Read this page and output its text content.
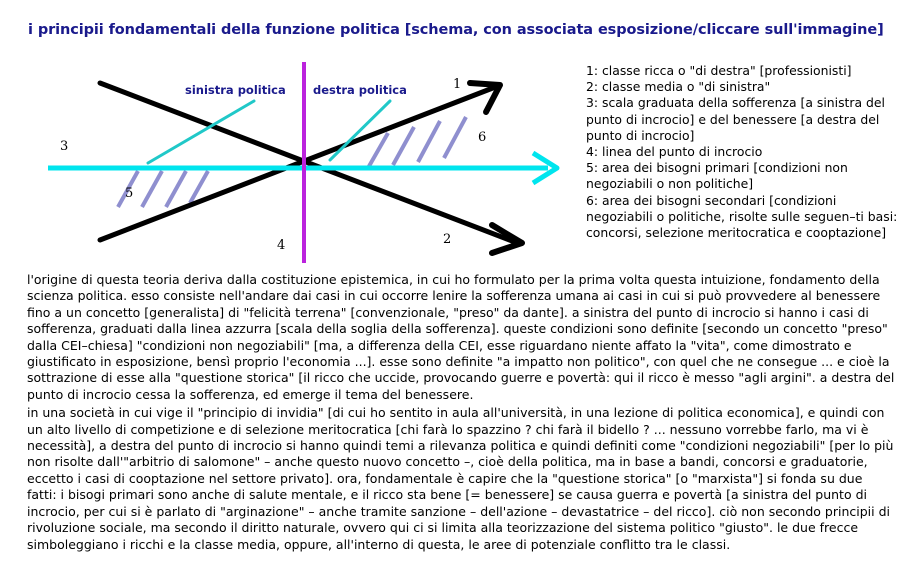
i principii fondamentali della funzione politica [schema, con associata esposizione/cliccare sull'immagine]
sinistra politica destra politica	1
2
3
4
5
6
1: classe ricca o "di destra" [professionisti]
2: classe media o "di sinistra"
3: scala graduata della sofferenza [a sinistra del punto di incrocio] e del benessere [a destra del punto di incrocio]
4: linea del punto di incrocio
5: area dei bisogni primari [condizioni non negoziabili o non politiche]
6: area dei bisogni secondari [condizioni negoziabili o politiche, risolte sulle seguen–ti basi: concorsi, selezione meritocratica e cooptazione]

l'origine di questa teoria deriva dalla costituzione epistemica, in cui ho formulato per la prima volta questa intuizione, fondamento della scienza politica. esso consiste nell'andare dai casi in cui occorre lenire la sofferenza umana ai casi in cui si può provvedere al benessere fino a un concetto [generalista] di "felicità terrena" [convenzionale, "preso" da dante]. a sinistra del punto di incrocio si hanno i casi di sofferenza, graduati dalla linea azzurra [scala della soglia della sofferenza]. queste condizioni sono definite [secondo un concetto "preso" dalla CEI–chiesa] "condizioni non negoziabili" [ma, a differenza della CEI, esse riguardano niente affato la "vita", come dimostrato e giustificato in esposizione, bensì proprio l'economia ...]. esse sono definite "a impatto non politico", con quel che ne consegue ... e cioè la sottrazione di esse alla "questione storica" [il ricco che uccide, provocando guerre e povertà: qui il ricco è messo "agli argini". a destra del punto di incrocio cessa la sofferenza, ed emerge il tema del benessere.

in una società in cui vige il "principio di invidia" [di cui ho sentito in aula all'università, in una lezione di politica economica], e quindi con un alto livello di competizione e di selezione meritocratica [chi farà lo spazzino ? chi farà il bidello ? ... nessuno vorrebbe farlo, ma vi è necessità], a destra del punto di incrocio si hanno quindi temi a rilevanza politica e quindi definiti come "condizioni negoziabili" [per lo più non risolte dall'"arbitrio di salomone" – anche questo nuovo concetto –, cioè della politica, ma in base a bandi, concorsi e graduatorie, eccetto i casi di cooptazione nel settore privato]. ora, fondamentale è capire che la "questione storica" [o "marxista"] si fonda su due fatti: i bisogi primari sono anche di salute mentale, e il ricco sta bene [= benessere] se causa guerra e povertà [a sinistra del punto di incrocio, per cui si è parlato di "arginazione" – anche tramite sanzione – dell'azione – devastatrice – del ricco]. ciò non secondo principii di rivoluzione sociale, ma secondo il diritto naturale, ovvero qui ci si limita alla teorizzazione del sistema politico "giusto". le due frecce simboleggiano i ricchi e la classe media, oppure, all'interno di questa, le aree di potenziale conflitto tra le classi.
